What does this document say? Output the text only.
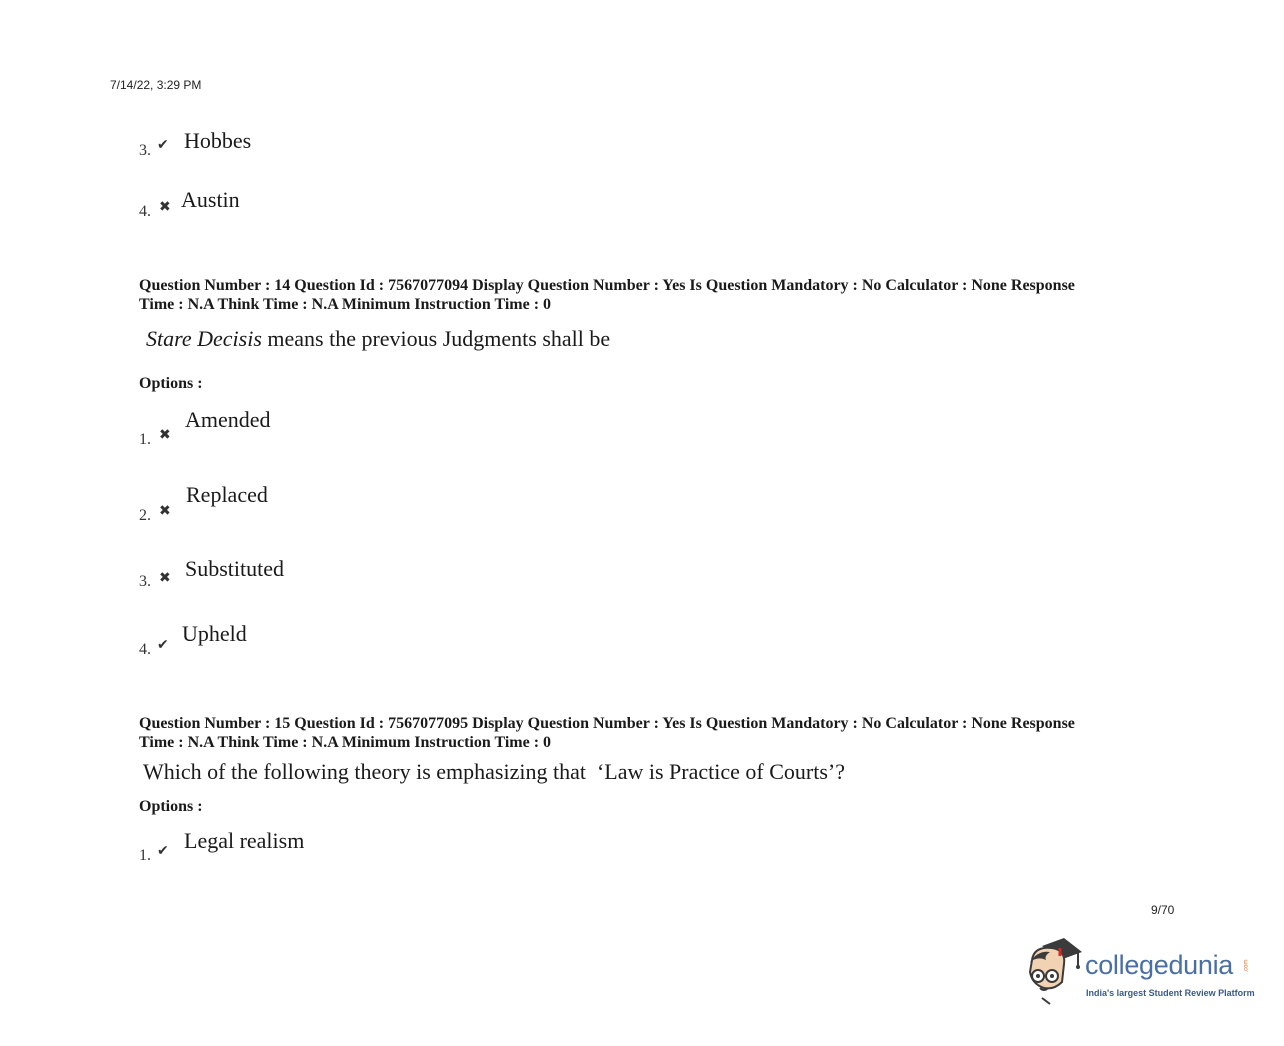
7/14/22, 3:29 PM
3. ✔ Hobbes
4. ✖ Austin
Question Number : 14 Question Id : 7567077094 Display Question Number : Yes Is Question Mandatory : No Calculator : None Response
Time : N.A Think Time : N.A Minimum Instruction Time : 0
Stare Decisis means the previous Judgments shall be
Options :
1. ✖
Amended
2. ✖
Replaced
3. ✖ Substituted
4. ✔ Upheld
Question Number : 15 Question Id : 7567077095 Display Question Number : Yes Is Question Mandatory : No Calculator : None Response
Time : N.A Think Time : N.A Minimum Instruction Time : 0
Which of the following theory is emphasizing that  ‘Law is Practice of Courts’?
Options :
1. ✔ Legal realism
9/70
collegedunia .com
India's largest Student Review Platform
